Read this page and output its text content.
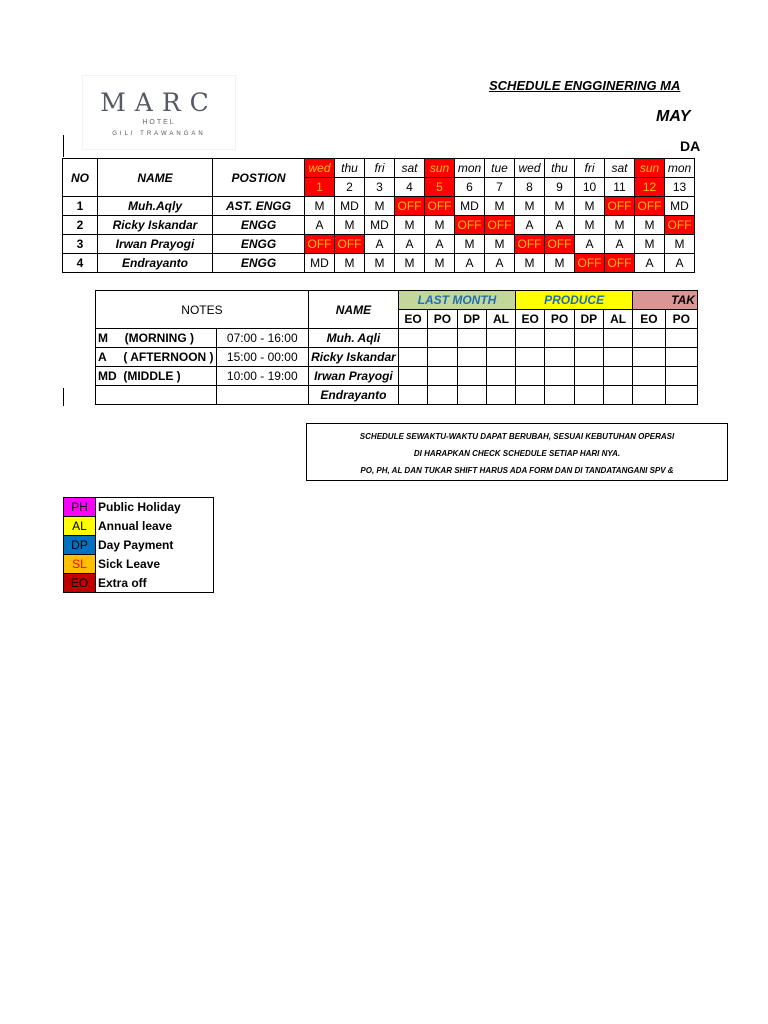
MARC
HOTEL
GILI TRAWANGAN
SCHEDULE ENGGINERING MA
MAY
DA
NO	NAME	POSTION	wed	thu	fri	sat	sun	mon	tue	wed	thu	fri	sat	sun	mon
			1	2	3	4	5	6	7	8	9	10	11	12	13
1	Muh.Aqly	AST. ENGG	M	MD	M	OFF	OFF	MD	M	M	M	M	OFF	OFF	MD
2	Ricky Iskandar	ENGG	A	M	MD	M	M	OFF	OFF	A	A	M	M	M	OFF
3	Irwan Prayogi	ENGG	OFF	OFF	A	A	A	M	M	OFF	OFF	A	A	M	M
4	Endrayanto	ENGG	MD	M	M	M	M	A	A	M	M	OFF	OFF	A	A
NOTES		NAME	LAST MONTH				PRODUCE				TAK	
			EO	PO	DP	AL	EO	PO	DP	AL	EO	PO
M (MORNING )	07:00 - 16:00	Muh. Aqli										
A ( AFTERNOON )	15:00 - 00:00	Ricky Iskandar										
MD (MIDDLE )	10:00 - 19:00	Irwan Prayogi										
		Endrayanto										
SCHEDULE SEWAKTU-WAKTU DAPAT BERUBAH, SESUAI KEBUTUHAN OPERASI
DI HARAPKAN CHECK SCHEDULE SETIAP HARI NYA.
PO, PH, AL DAN TUKAR SHIFT HARUS ADA FORM DAN DI TANDATANGANI SPV &
PH	Public Holiday
AL	Annual leave
DP	Day Payment
SL	Sick Leave
EO	Extra off
